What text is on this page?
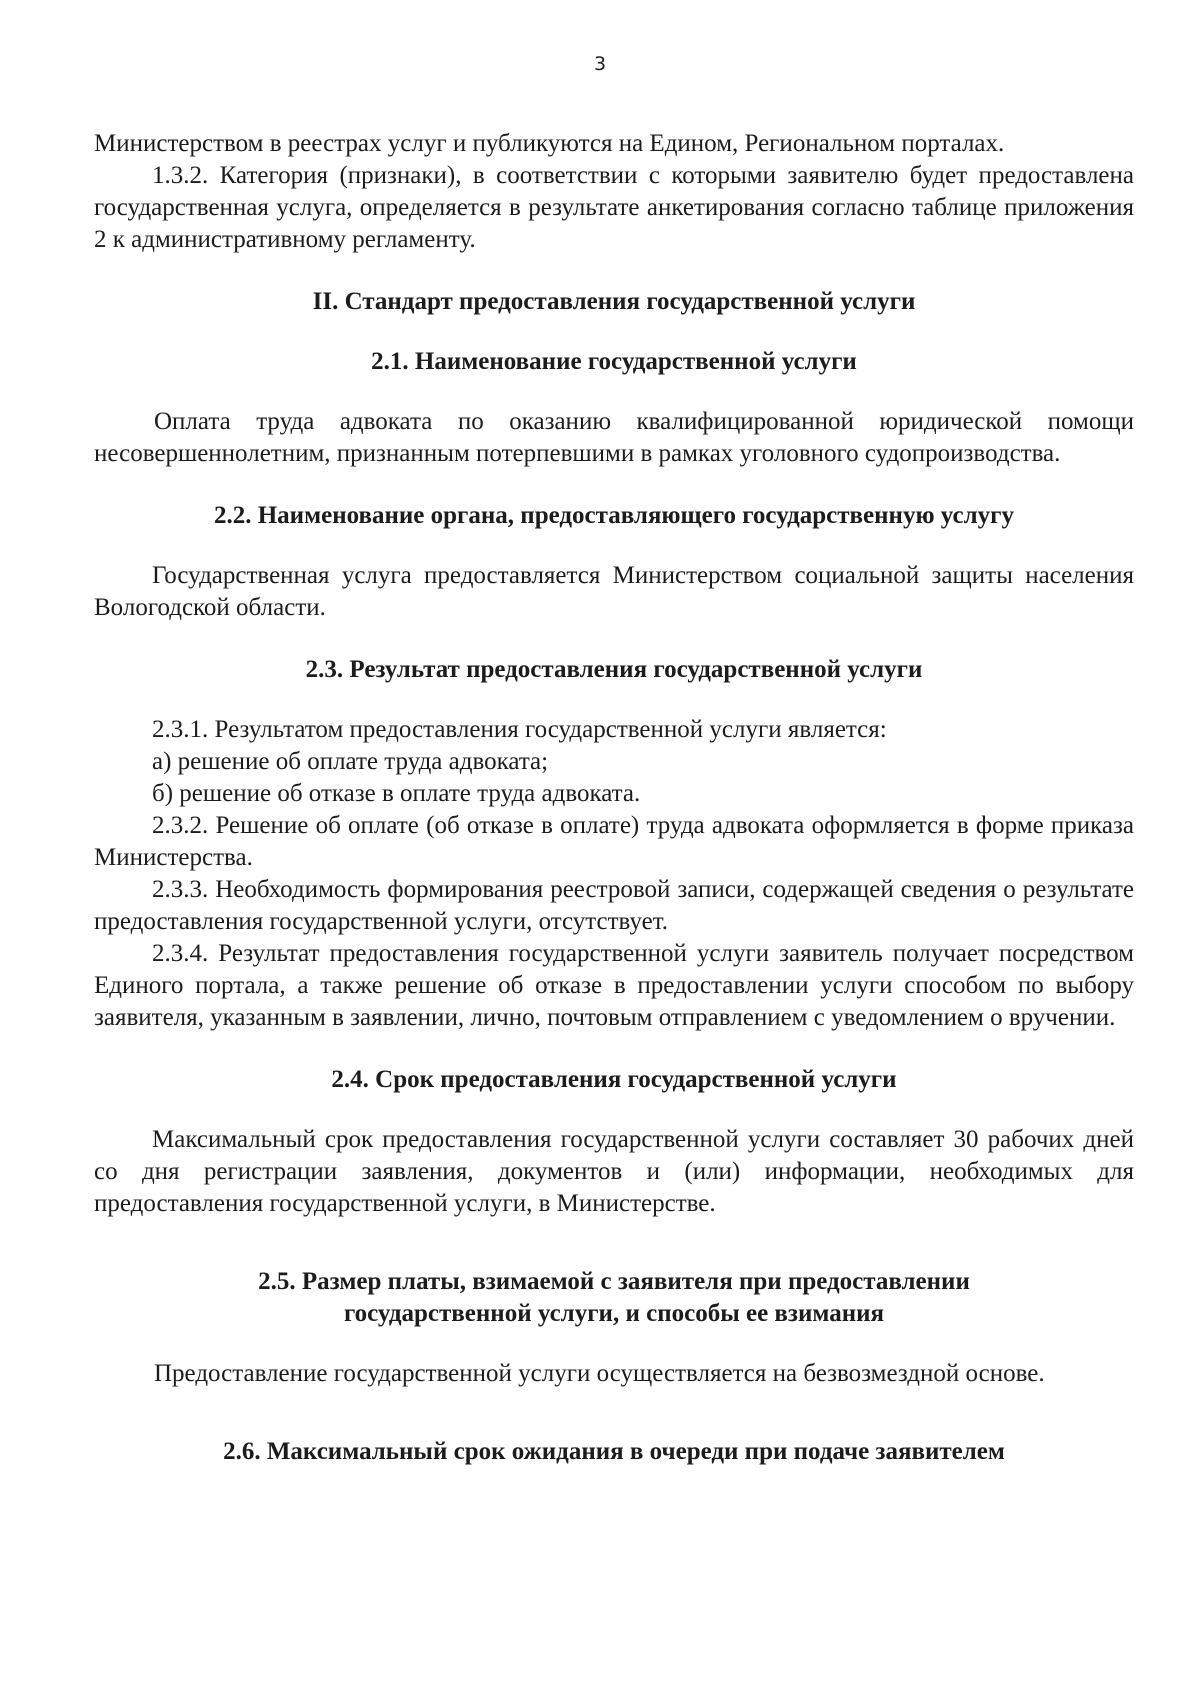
3

Министерством в реестрах услуг и публикуются на Едином, Региональном порталах.

1.3.2. Категория (признаки), в соответствии с которыми заявителю будет предоставлена государственная услуга, определяется в результате анкетирования согласно таблице приложения 2 к административному регламенту.

II. Стандарт предоставления государственной услуги
2.1. Наименование государственной услуги

Оплата труда адвоката по оказанию квалифицированной юридической помощи несовершеннолетним, признанным потерпевшими в рамках уголовного судопроизводства.

2.2. Наименование органа, предоставляющего государственную услугу

Государственная услуга предоставляется Министерством социальной защиты населения Вологодской области.

2.3. Результат предоставления государственной услуги

2.3.1. Результатом предоставления государственной услуги является:

а) решение об оплате труда адвоката;

б) решение об отказе в оплате труда адвоката.

2.3.2. Решение об оплате (об отказе в оплате) труда адвоката оформляется в форме приказа Министерства.

2.3.3. Необходимость формирования реестровой записи, содержащей сведения о результате предоставления государственной услуги, отсутствует.

2.3.4. Результат предоставления государственной услуги заявитель получает посредством Единого портала, а также решение об отказе в предоставлении услуги способом по выбору заявителя, указанным в заявлении, лично, почтовым отправлением с уведомлением о вручении.

2.4. Срок предоставления государственной услуги

Максимальный срок предоставления государственной услуги составляет 30 рабочих дней со дня регистрации заявления, документов и (или) информации, необходимых для предоставления государственной услуги, в Министерстве.

2.5. Размер платы, взимаемой с заявителя при предоставлении
государственной услуги, и способы ее взимания

Предоставление государственной услуги осуществляется на безвозмездной основе.

2.6. Максимальный срок ожидания в очереди при подаче заявителем
